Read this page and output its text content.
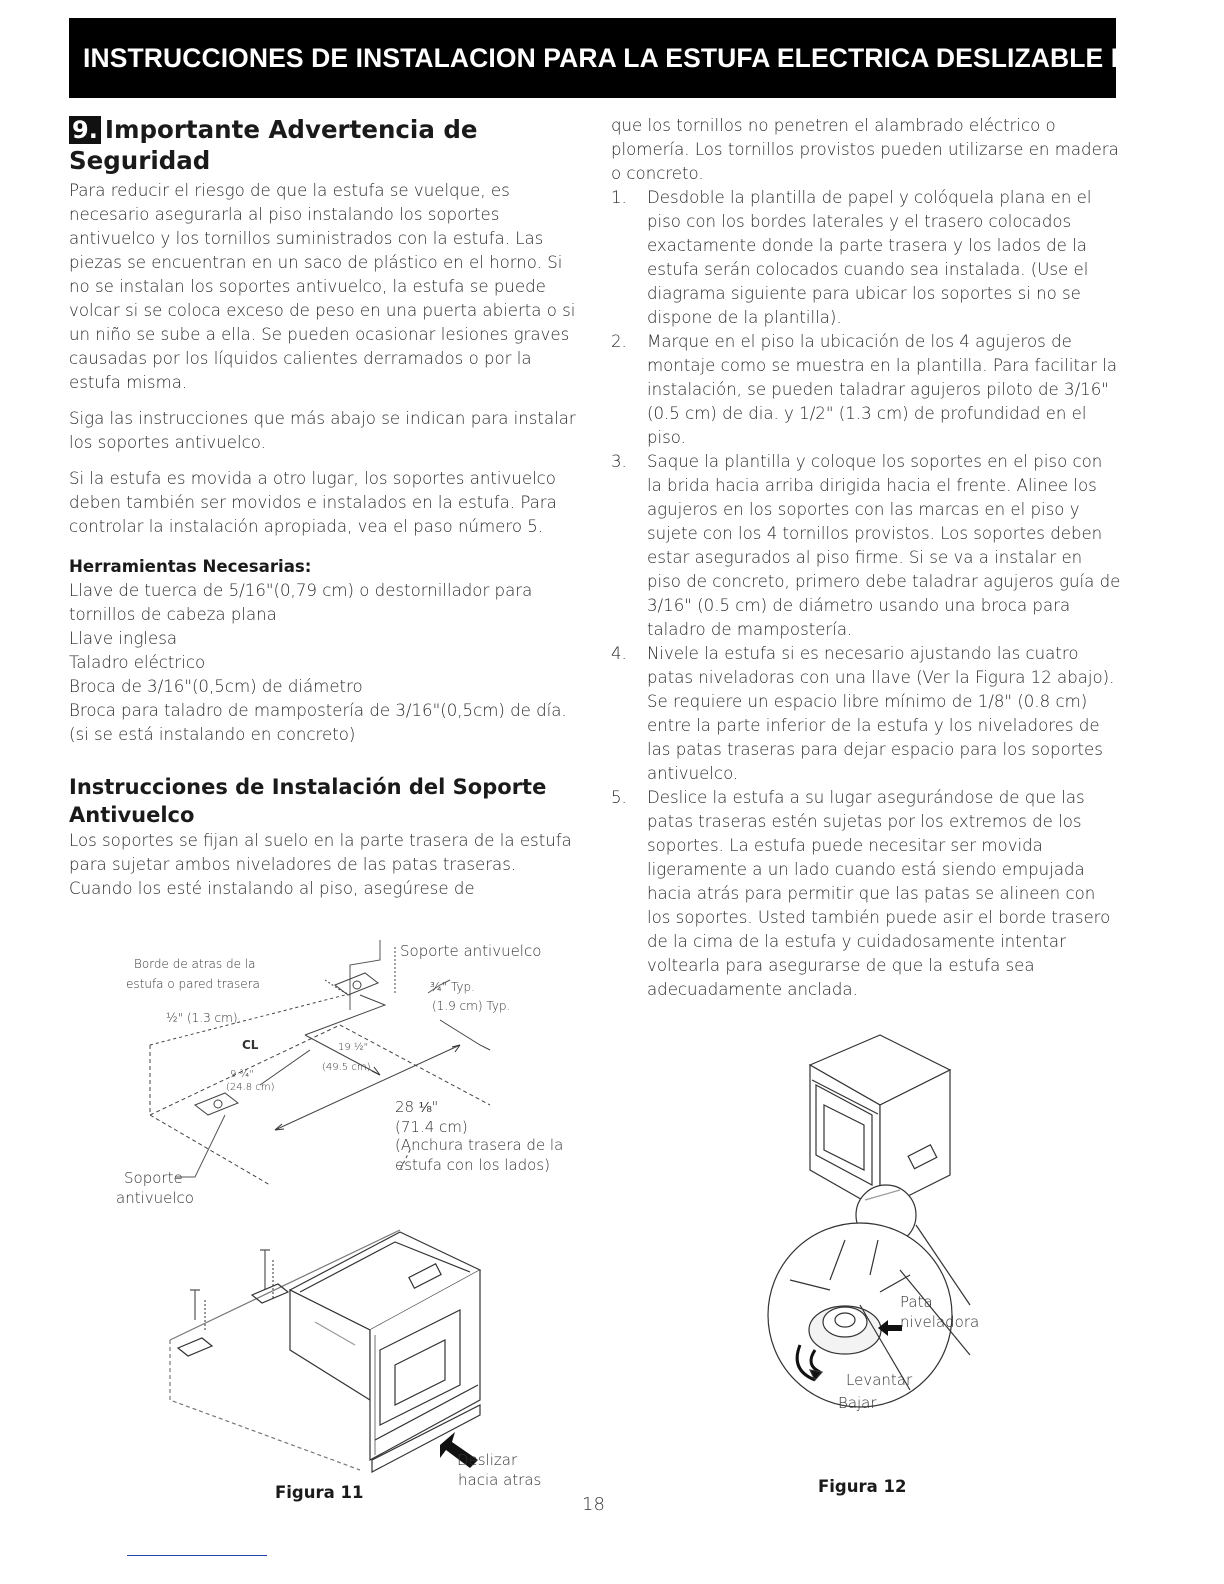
INSTRUCCIONES DE INSTALACION PARA LA ESTUFA ELECTRICA DESLIZABLE DE 30"
9. Importante Advertencia de
Seguridad

Para reducir el riesgo de que la estufa se vuelque, es necesario asegurarla al piso instalando los soportes antivuelco y los tornillos suministrados con la estufa. Las piezas se encuentran en un saco de plástico en el horno. Si no se instalan los soportes antivuelco, la estufa se puede volcar si se coloca exceso de peso en una puerta abierta o si un niño se sube a ella. Se pueden ocasionar lesiones graves causadas por los líquidos calientes derramados o por la estufa misma.

Siga las instrucciones que más abajo se indican para instalar los soportes antivuelco.

Si la estufa es movida a otro lugar, los soportes antivuelco deben también ser movidos e instalados en la estufa. Para controlar la instalación apropiada, vea el paso número 5.

Herramientas Necesarias:
Llave de tuerca de 5/16"(0,79 cm) o destornillador para tornillos de cabeza plana
Llave inglesa
Taladro eléctrico
Broca de 3/16"(0,5cm) de diámetro
Broca para taladro de mampostería de 3/16"(0,5cm) de día. (si se está instalando en concreto)
Instrucciones de Instalación del Soporte Antivuelco

Los soportes se fijan al suelo en la parte trasera de la estufa para sujetar ambos niveladores de las patas traseras. Cuando los esté instalando al piso, asegúrese de

que los tornillos no penetren el alambrado eléctrico o plomería. Los tornillos provistos pueden utilizarse en madera o concreto.

1.	Desdoble la plantilla de papel y colóquela plana en el piso con los bordes laterales y el trasero colocados exactamente donde la parte trasera y los lados de la estufa serán colocados cuando sea instalada. (Use el diagrama siguiente para ubicar los soportes si no se dispone de la plantilla).
2.	Marque en el piso la ubicación de los 4 agujeros de montaje como se muestra en la plantilla. Para facilitar la instalación, se pueden taladrar agujeros piloto de 3/16" (0.5 cm) de dia. y 1/2" (1.3 cm) de profundidad en el piso.
3.	Saque la plantilla y coloque los soportes en el piso con la brida hacia arriba dirigida hacia el frente. Alinee los agujeros en los soportes con las marcas en el piso y sujete con los 4 tornillos provistos. Los soportes deben estar asegurados al piso firme. Si se va a instalar en piso de concreto, primero debe taladrar agujeros guía de 3/16" (0.5 cm) de diámetro usando una broca para taladro de mampostería.
4.	Nivele la estufa si es necesario ajustando las cuatro patas niveladoras con una llave (Ver la Figura 12 abajo). Se requiere un espacio libre mínimo de 1/8" (0.8 cm) entre la parte inferior de la estufa y los niveladores de las patas traseras para dejar espacio para los soportes antivuelco.
5.	Deslice la estufa a su lugar asegurándose de que las patas traseras estén sujetas por los extremos de los soportes. La estufa puede necesitar ser movida ligeramente a un lado cuando está siendo empujada hacia atrás para permitir que las patas se alineen con los soportes. Usted también puede asir el borde trasero de la cima de la estufa y cuidadosamente intentar voltearla para asegurarse de que la estufa sea adecuadamente anclada.
Soporte antivuelco
Borde de atras de la
estufa o pared trasera	¾" Typ.
(1.9 cm) Typ.
½" (1.3 cm)
CL	19 ½"
(49.5 cm)
9 ¾"
(24.8 cm)
28 ⅛"
(71.4 cm)
(Anchura trasera de la
estufa con los lados)
Soporte
antivuelco
Deslizar
hacia atras
Figura 11
Pata
niveladora
Levantar
Bajar
Figura 12
18
